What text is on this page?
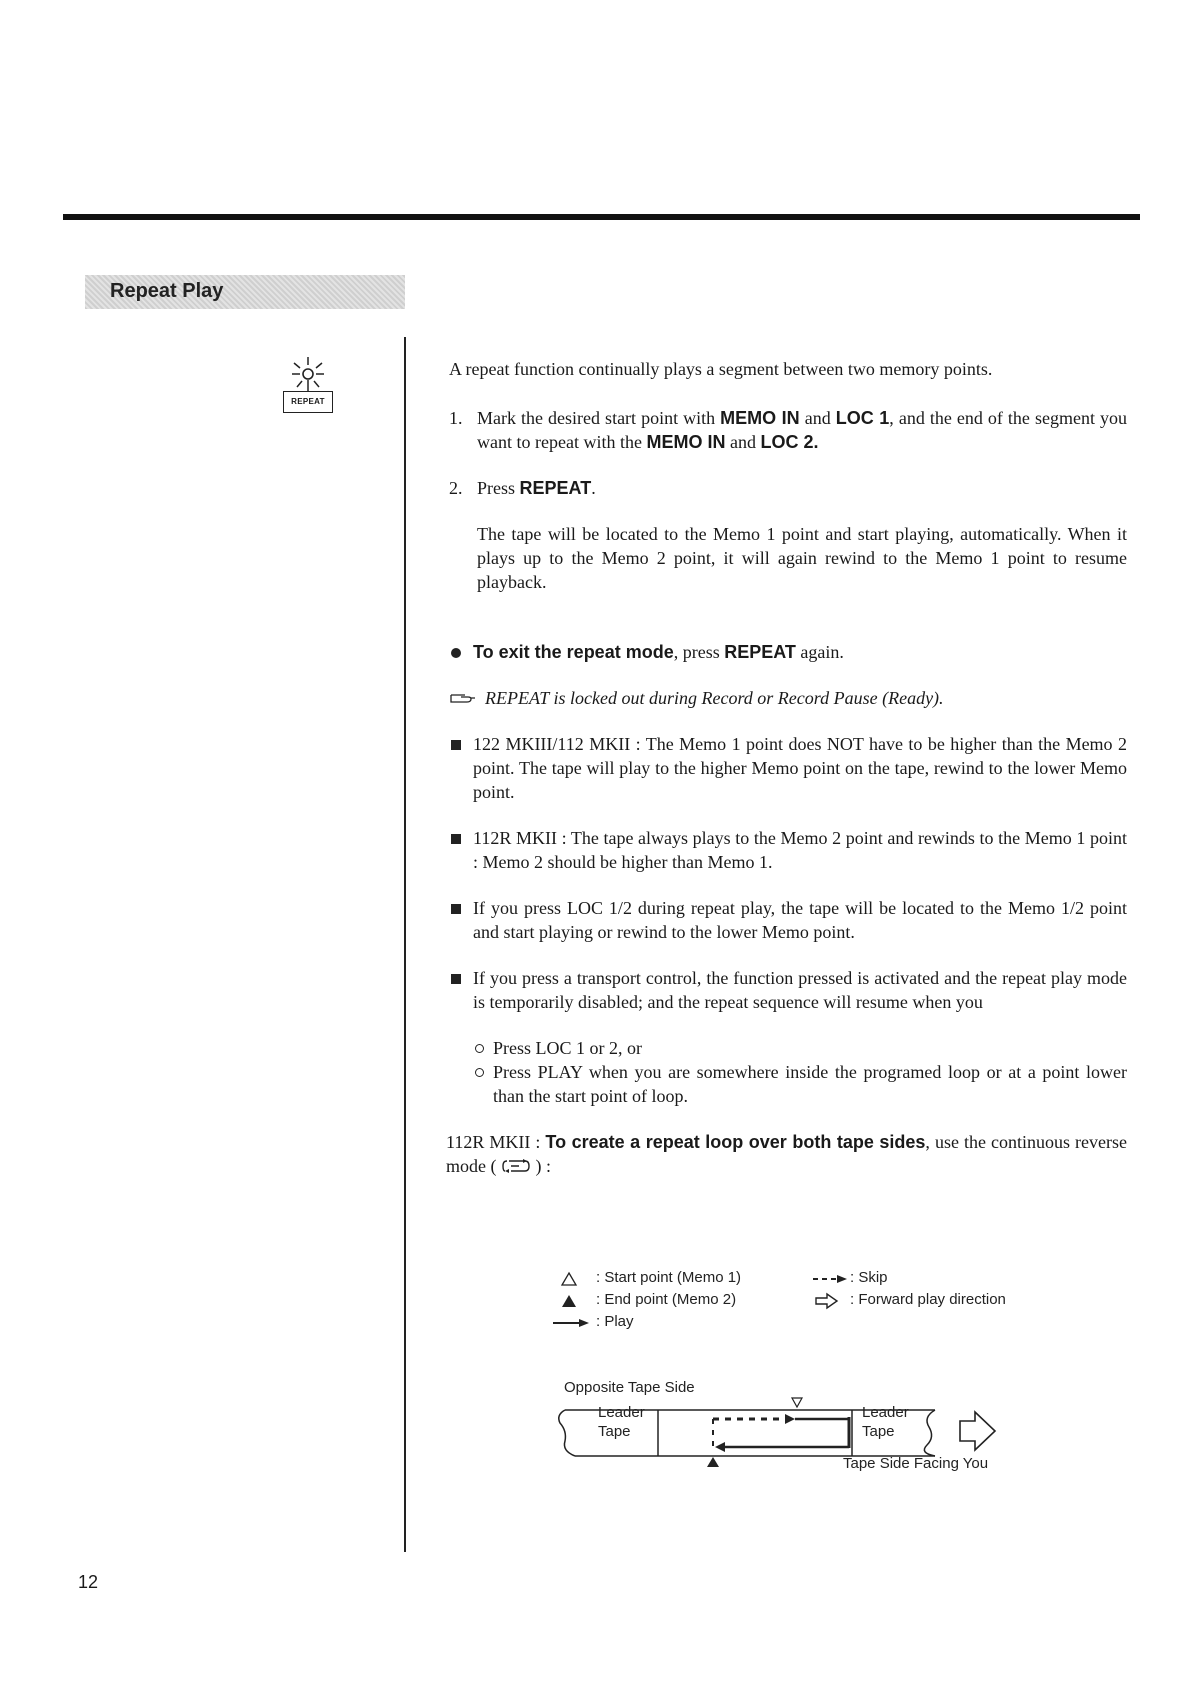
Repeat Play
REPEAT

A repeat function continually plays a segment between two memory points.

1. Mark the desired start point with MEMO IN and LOC 1, and the end of the segment you want to repeat with the MEMO IN and LOC 2.
2. Press REPEAT.

The tape will be located to the Memo 1 point and start playing, automatically. When it plays up to the Memo 2 point, it will again rewind to the Memo 1 point to resume playback.

To exit the repeat mode, press REPEAT again.
REPEAT is locked out during Record or Record Pause (Ready).
122 MKIII/112 MKII : The Memo 1 point does NOT have to be higher than the Memo 2 point. The tape will play to the higher Memo point on the tape, rewind to the lower Memo point.
112R MKII : The tape always plays to the Memo 2 point and rewinds to the Memo 1 point : Memo 2 should be higher than Memo 1.
If you press LOC 1/2 during repeat play, the tape will be located to the Memo 1/2 point and start playing or rewind to the lower Memo point.
If you press a transport control, the function pressed is activated and the repeat play mode is temporarily disabled; and the repeat sequence will resume when you
Press LOC 1 or 2, or
Press PLAY when you are somewhere inside the programed loop or at a point lower than the start point of loop.

112R MKII : To create a repeat loop over both tape sides, use the continuous reverse mode (  ) :

: Start point (Memo 1)
: End point (Memo 2)
: Play
: Skip
: Forward play direction
Opposite Tape Side
Leader
Tape
Leader
Tape
Tape Side Facing You
12
